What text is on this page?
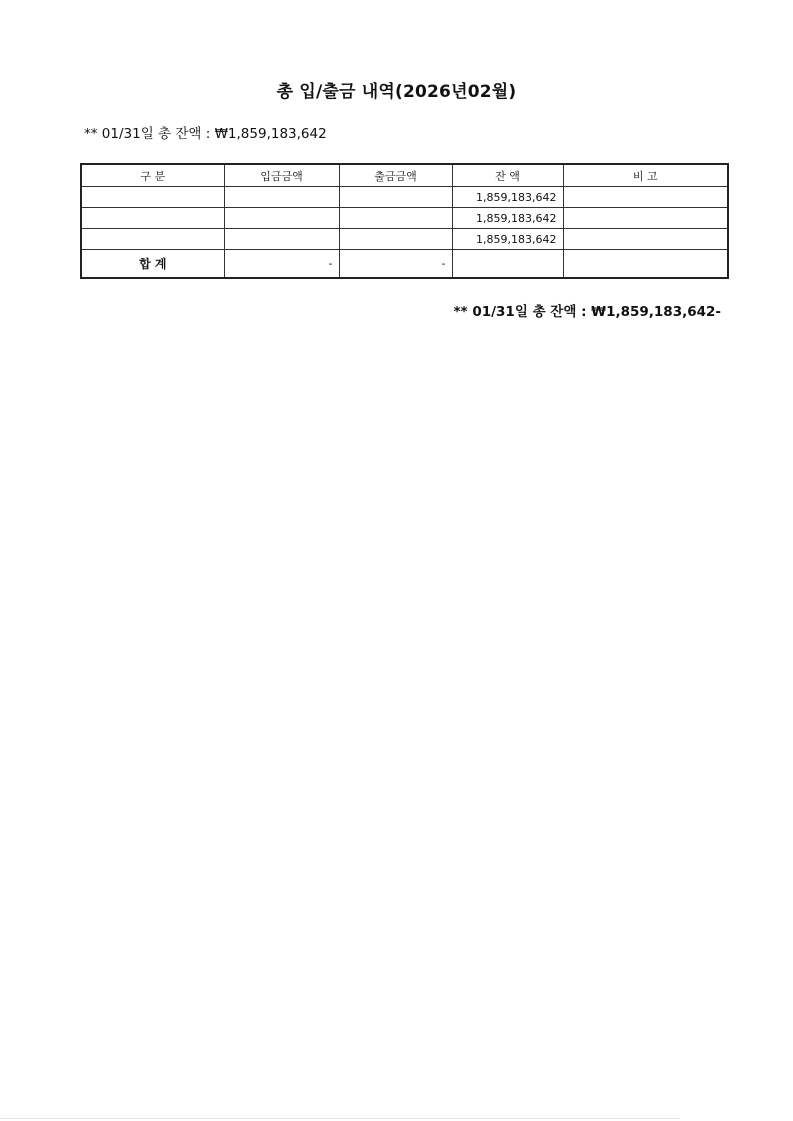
총 입/출금 내역(2026년02월)
** 01/31일 총 잔액 : ₩1,859,183,642
구 분	입금금액	출금금액	잔 액	비 고
			1,859,183,642	
			1,859,183,642	
			1,859,183,642	
합 계	-	-		
** 01/31일 총 잔액 : ₩1,859,183,642-
